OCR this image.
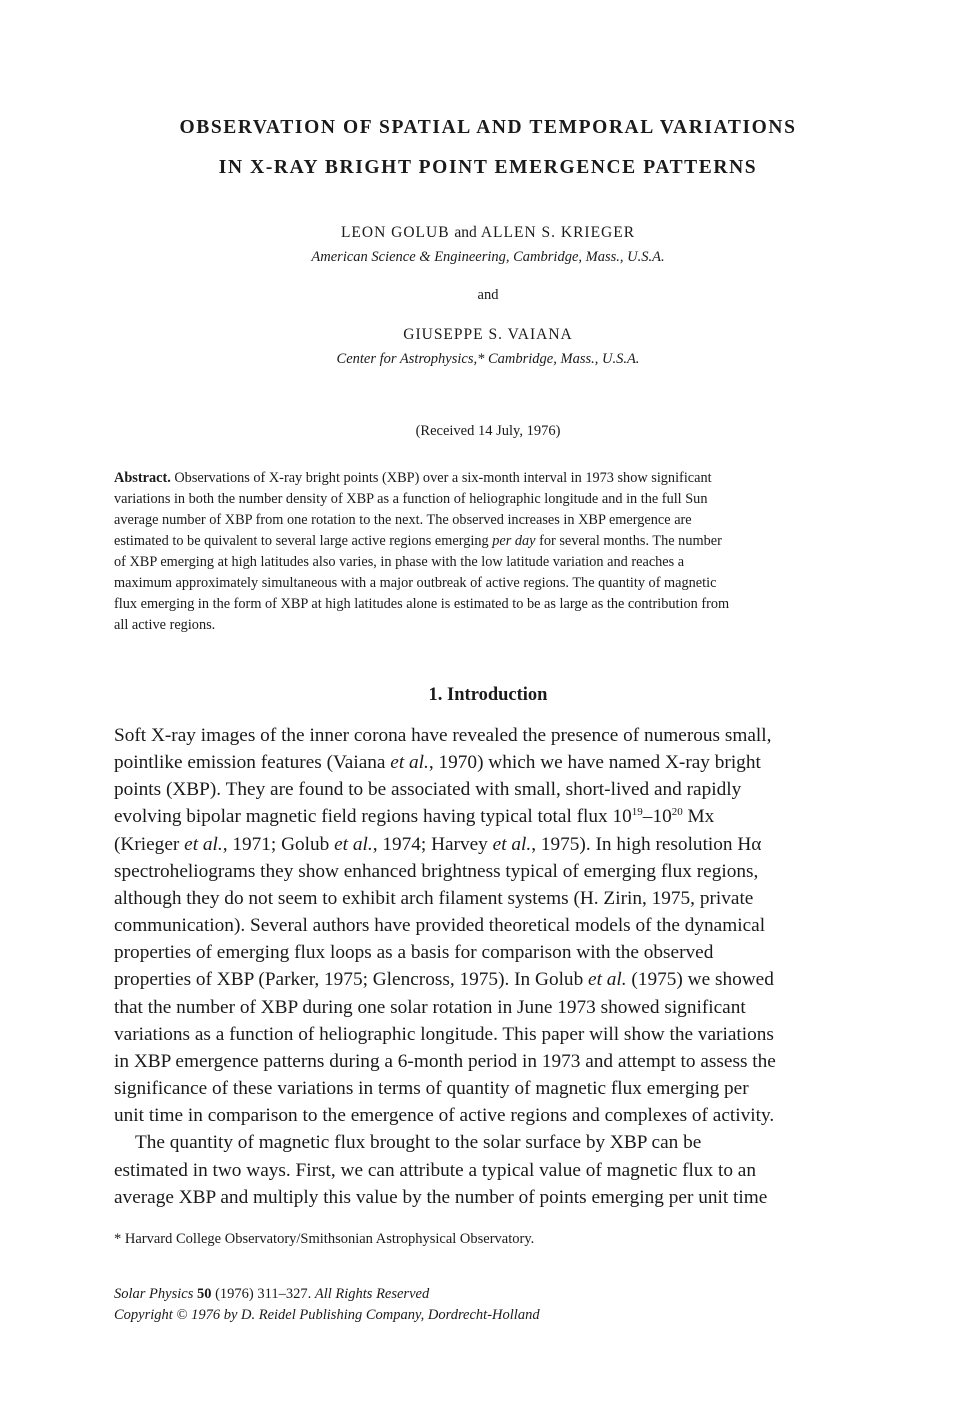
OBSERVATION OF SPATIAL AND TEMPORAL VARIATIONS
IN X-RAY BRIGHT POINT EMERGENCE PATTERNS
LEON GOLUB and ALLEN S. KRIEGER
American Science & Engineering, Cambridge, Mass., U.S.A.
and
GIUSEPPE S. VAIANA
Center for Astrophysics,* Cambridge, Mass., U.S.A.
(Received 14 July, 1976)
Abstract. Observations of X-ray bright points (XBP) over a six-month interval in 1973 show significant
variations in both the number density of XBP as a function of heliographic longitude and in the full Sun
average number of XBP from one rotation to the next. The observed increases in XBP emergence are
estimated to be quivalent to several large active regions emerging per day for several months. The number
of XBP emerging at high latitudes also varies, in phase with the low latitude variation and reaches a
maximum approximately simultaneous with a major outbreak of active regions. The quantity of magnetic
flux emerging in the form of XBP at high latitudes alone is estimated to be as large as the contribution from
all active regions.
1. Introduction
Soft X-ray images of the inner corona have revealed the presence of numerous small,
pointlike emission features (Vaiana et al., 1970) which we have named X-ray bright
points (XBP). They are found to be associated with small, short-lived and rapidly
evolving bipolar magnetic field regions having typical total flux $10^{19}-10^{20}$ Mx
(Krieger et al., 1971; Golub et al., 1974; Harvey et al., 1975). In high resolution Hα
spectroheliograms they show enhanced brightness typical of emerging flux regions,
although they do not seem to exhibit arch filament systems (H. Zirin, 1975, private
communication). Several authors have provided theoretical models of the dynamical
properties of emerging flux loops as a basis for comparison with the observed
properties of XBP (Parker, 1975; Glencross, 1975). In Golub et al. (1975) we showed
that the number of XBP during one solar rotation in June 1973 showed significant
variations as a function of heliographic longitude. This paper will show the variations
in XBP emergence patterns during a 6-month period in 1973 and attempt to assess the
significance of these variations in terms of quantity of magnetic flux emerging per
unit time in comparison to the emergence of active regions and complexes of activity.
The quantity of magnetic flux brought to the solar surface by XBP can be
estimated in two ways. First, we can attribute a typical value of magnetic flux to an
average XBP and multiply this value by the number of points emerging per unit time
* Harvard College Observatory/Smithsonian Astrophysical Observatory.
Solar Physics 50 (1976) 311–327. All Rights Reserved
Copyright © 1976 by D. Reidel Publishing Company, Dordrecht-Holland
